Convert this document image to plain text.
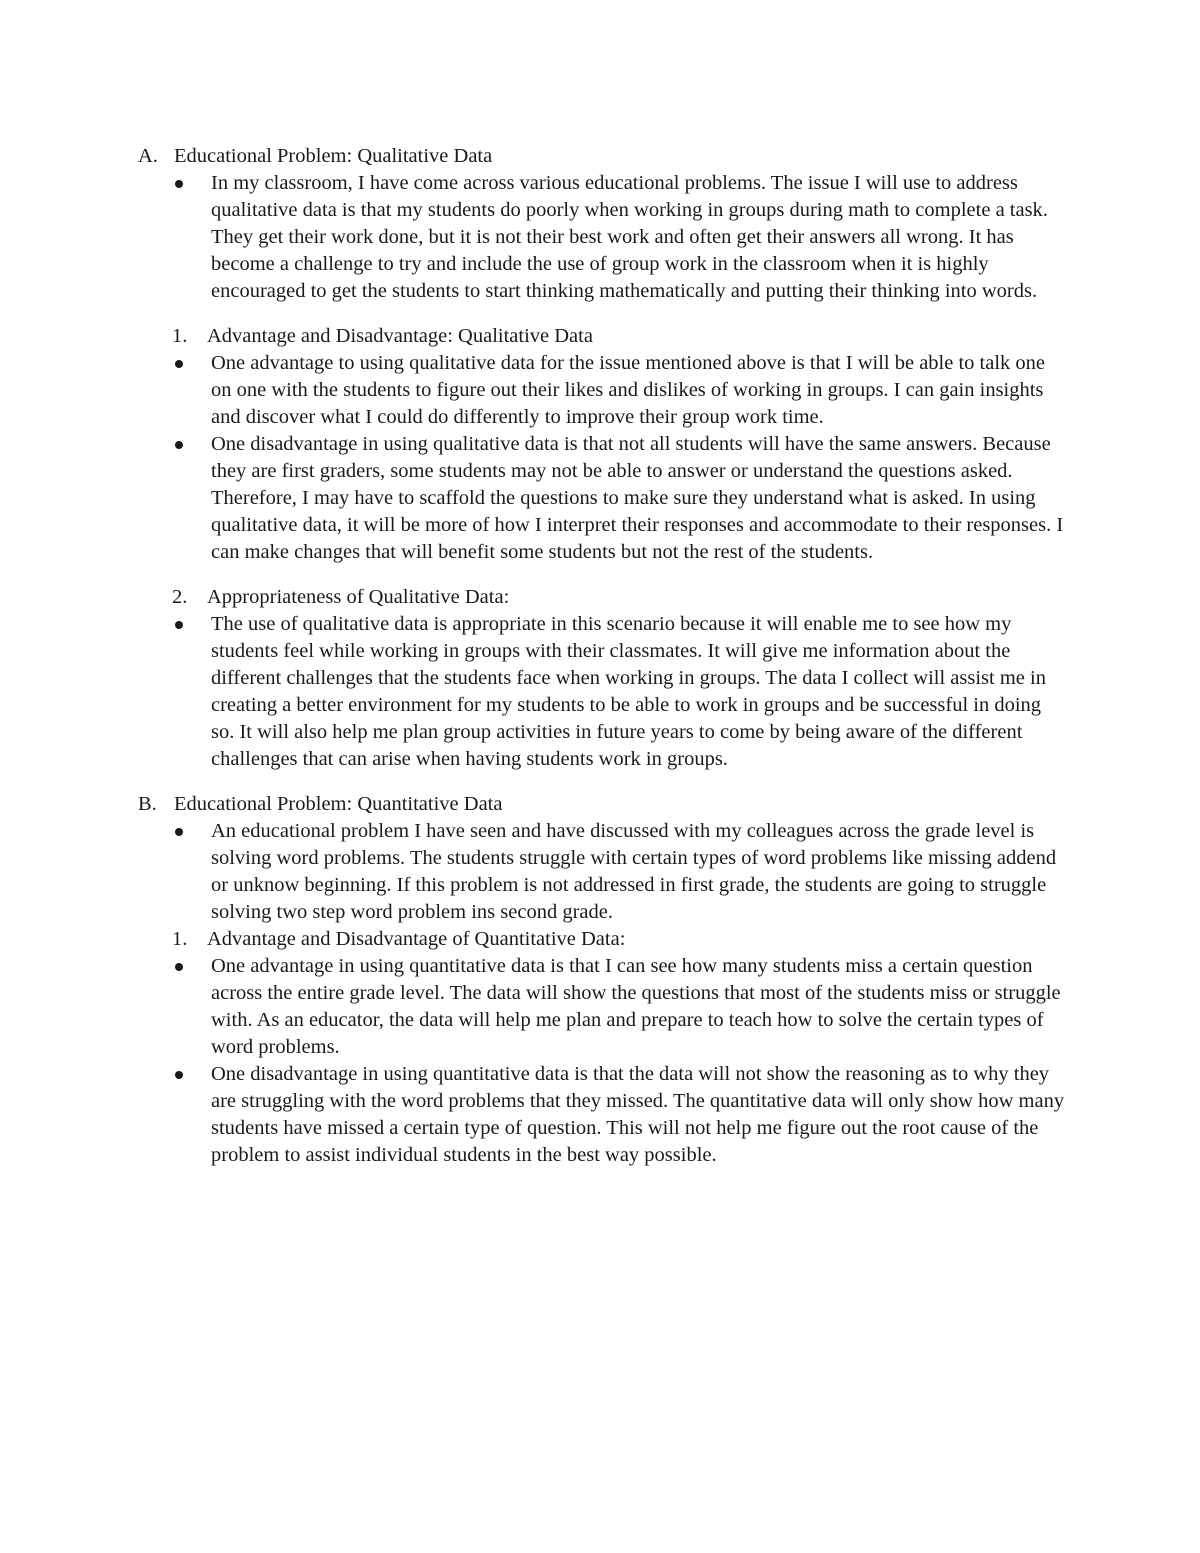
A. Educational Problem: Qualitative Data
In my classroom, I have come across various educational problems. The issue I will use to address qualitative data is that my students do poorly when working in groups during math to complete a task. They get their work done, but it is not their best work and often get their answers all wrong. It has become a challenge to try and include the use of group work in the classroom when it is highly encouraged to get the students to start thinking mathematically and putting their thinking into words.
1. Advantage and Disadvantage: Qualitative Data
One advantage to using qualitative data for the issue mentioned above is that I will be able to talk one on one with the students to figure out their likes and dislikes of working in groups. I can gain insights and discover what I could do differently to improve their group work time.
One disadvantage in using qualitative data is that not all students will have the same answers. Because they are first graders, some students may not be able to answer or understand the questions asked. Therefore, I may have to scaffold the questions to make sure they understand what is asked. In using qualitative data, it will be more of how I interpret their responses and accommodate to their responses. I can make changes that will benefit some students but not the rest of the students.
2. Appropriateness of Qualitative Data:
The use of qualitative data is appropriate in this scenario because it will enable me to see how my students feel while working in groups with their classmates. It will give me information about the different challenges that the students face when working in groups. The data I collect will assist me in creating a better environment for my students to be able to work in groups and be successful in doing so. It will also help me plan group activities in future years to come by being aware of the different challenges that can arise when having students work in groups.
B. Educational Problem: Quantitative Data
An educational problem I have seen and have discussed with my colleagues across the grade level is solving word problems. The students struggle with certain types of word problems like missing addend or unknow beginning. If this problem is not addressed in first grade, the students are going to struggle solving two step word problem ins second grade.
1. Advantage and Disadvantage of Quantitative Data:
One advantage in using quantitative data is that I can see how many students miss a certain question across the entire grade level. The data will show the questions that most of the students miss or struggle with. As an educator, the data will help me plan and prepare to teach how to solve the certain types of word problems.
One disadvantage in using quantitative data is that the data will not show the reasoning as to why they are struggling with the word problems that they missed. The quantitative data will only show how many students have missed a certain type of question. This will not help me figure out the root cause of the problem to assist individual students in the best way possible.
